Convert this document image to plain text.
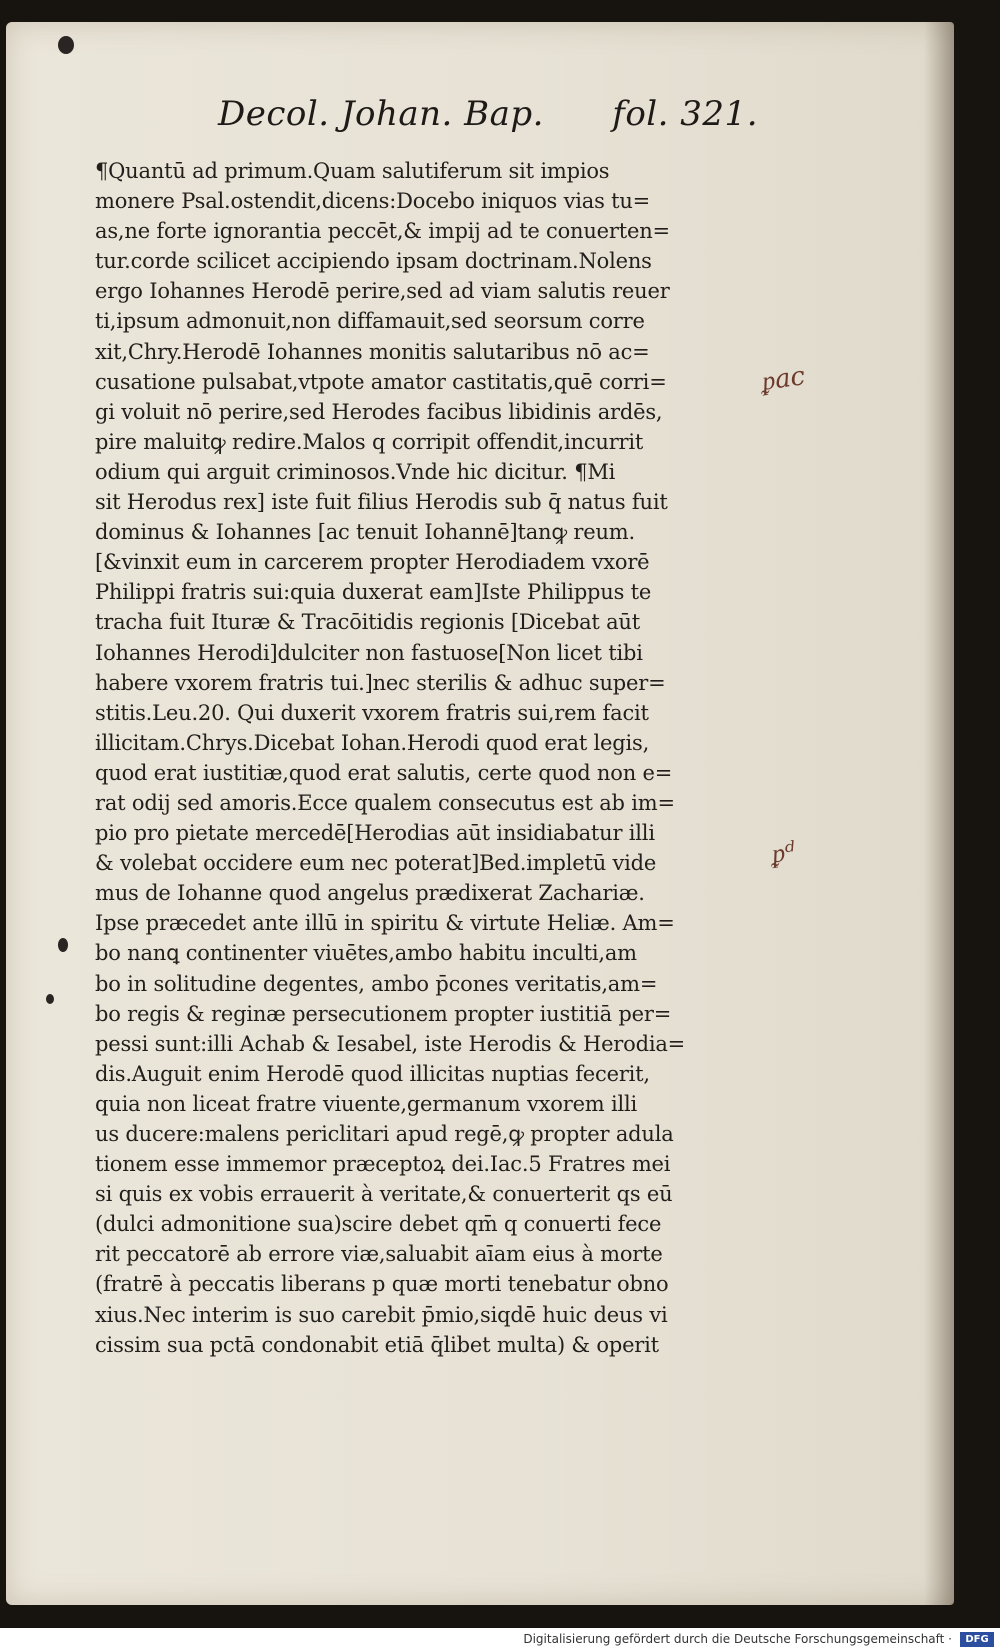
Decol. Johan. Bap. fol. 321.
¶Quantū ad primum.Quam salutiferum sit impios
monere Psal.ostendit,dicens:Docebo iniquos vias tu=
as,ne forte ignorantia peccēt,& impij ad te conuerten=
tur.corde scilicet accipiendo ipsam doctrinam.Nolens
ergo Iohannes Herodē perire,sed ad viam salutis reuer
ti,ipsum admonuit,non diffamauit,sed seorsum corre
xit,Chry.Herodē Iohannes monitis salutaribus nō ac=
cusatione pulsabat,vtpote amator castitatis,quē corri=
gi voluit nō perire,sed Herodes facibus libidinis ardēs,
pire maluitꝙ redire.Malos q corripit offendit,incurrit
odium qui arguit criminosos.Vnde hic dicitur. ¶Mi
sit Herodus rex] iste fuit filius Herodis sub q̄ natus fuit
dominus & Iohannes [ac tenuit Iohannē]tanꝙ reum.
[&vinxit eum in carcerem propter Herodiadem vxorē
Philippi fratris sui:quia duxerat eam]Iste Philippus te
tracha fuit Ituræ & Tracōitidis regionis [Dicebat aūt
Iohannes Herodi]dulciter non fastuose[Non licet tibi
habere vxorem fratris tui.]nec sterilis & adhuc super=
stitis.Leu.20. Qui duxerit vxorem fratris sui,rem facit
illicitam.Chrys.Dicebat Iohan.Herodi quod erat legis,
quod erat iustitiæ,quod erat salutis, certe quod non e=
rat odij sed amoris.Ecce qualem consecutus est ab im=
pio pro pietate mercedē[Herodias aūt insidiabatur illi
& volebat occidere eum nec poterat]Bed.impletū vide
mus de Iohanne quod angelus prædixerat Zachariæ.
Ipse præcedet ante illū in spiritu & virtute Heliæ. Am=
bo nanꝗ continenter viuētes,ambo habitu inculti,am
bo in solitudine degentes, ambo p̄cones veritatis,am=
bo regis & reginæ persecutionem propter iustitiā per=
pessi sunt:illi Achab & Iesabel, iste Herodis & Herodia=
dis.Auguit enim Herodē quod illicitas nuptias fecerit,
quia non liceat fratre viuente,germanum vxorem illi
us ducere:malens periclitari apud regē,ꝙ propter adula
tionem esse immemor præceptoꝝ dei.Iac.5 Fratres mei
si quis ex vobis errauerit à veritate,& conuerterit qs eū
(dulci admonitione sua)scire debet qm̄ q conuerti fece
rit peccatorē ab errore viæ,saluabit aīam eius à morte
(fratrē à peccatis liberans p quæ morti tenebatur obno
xius.Nec interim is suo carebit p̄mio,siqdē huic deus vi
cissim sua pctā condonabit etiā q̄libet multa) & operit
ᵱac
ᵱᵈ
Digitalisierung gefördert durch die Deutsche Forschungsgemeinschaft ·	DFG
